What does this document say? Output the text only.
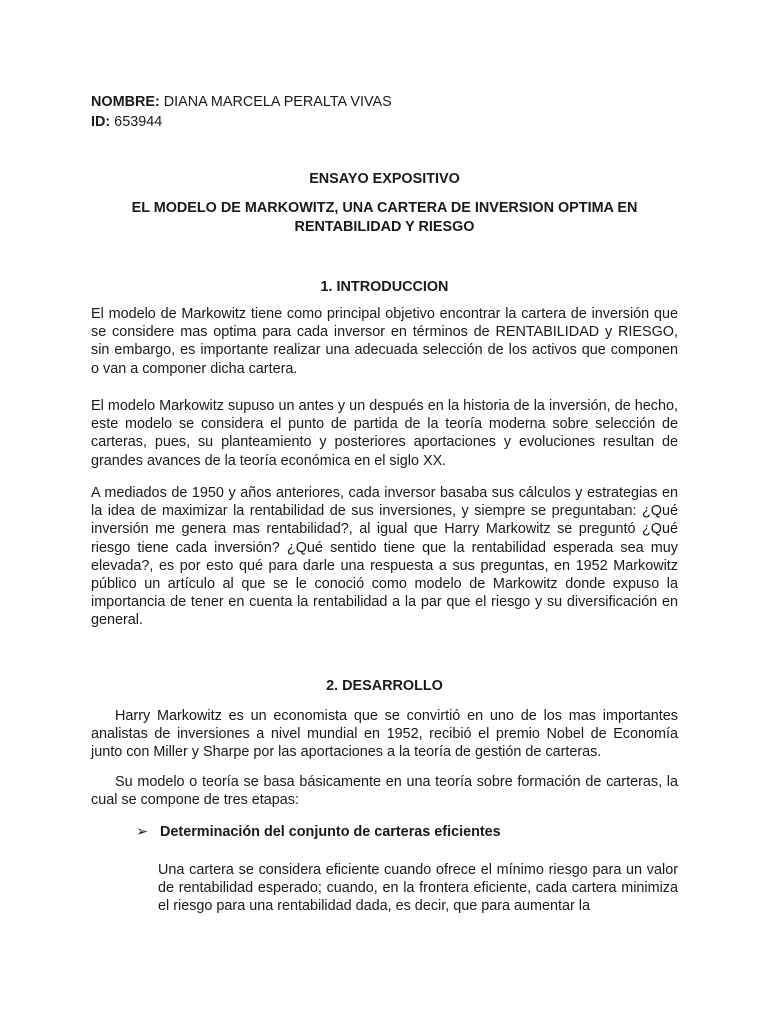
NOMBRE: DIANA MARCELA PERALTA VIVAS
ID: 653944
ENSAYO EXPOSITIVO
EL MODELO DE MARKOWITZ, UNA CARTERA DE INVERSION OPTIMA EN RENTABILIDAD Y RIESGO
1. INTRODUCCION

El modelo de Markowitz tiene como principal objetivo encontrar la cartera de inversión que se considere mas optima para cada inversor en términos de RENTABILIDAD y RIESGO, sin embargo, es importante realizar una adecuada selección de los activos que componen o van a componer dicha cartera.

El modelo Markowitz supuso un antes y un después en la historia de la inversión, de hecho, este modelo se considera el punto de partida de la teoría moderna sobre selección de carteras, pues, su planteamiento y posteriores aportaciones y evoluciones resultan de grandes avances de la teoría económica en el siglo XX.

A mediados de 1950 y años anteriores, cada inversor basaba sus cálculos y estrategias en la idea de maximizar la rentabilidad de sus inversiones, y siempre se preguntaban: ¿Qué inversión me genera mas rentabilidad?, al igual que Harry Markowitz se preguntó ¿Qué riesgo tiene cada inversión? ¿Qué sentido tiene que la rentabilidad esperada sea muy elevada?, es por esto qué para darle una respuesta a sus preguntas, en 1952 Markowitz público un artículo al que se le conoció como modelo de Markowitz donde expuso la importancia de tener en cuenta la rentabilidad a la par que el riesgo y su diversificación en general.

2. DESARROLLO

Harry Markowitz es un economista que se convirtió en uno de los mas importantes analistas de inversiones a nivel mundial en 1952, recibió el premio Nobel de Economía junto con Miller y Sharpe por las aportaciones a la teoría de gestión de carteras.

Su modelo o teoría se basa básicamente en una teoría sobre formación de carteras, la cual se compone de tres etapas:

➢ Determinación del conjunto de carteras eficientes

Una cartera se considera eficiente cuando ofrece el mínimo riesgo para un valor de rentabilidad esperado; cuando, en la frontera eficiente, cada cartera minimiza el riesgo para una rentabilidad dada, es decir, que para aumentar la
